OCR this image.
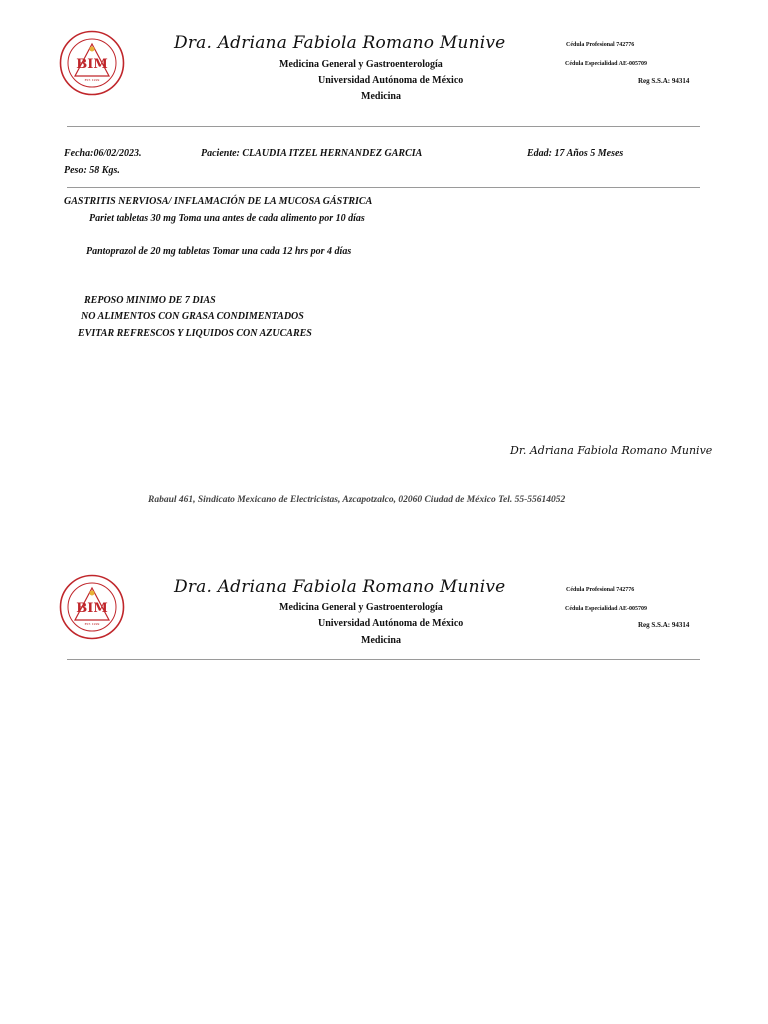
BIM
EST. 1999
Dra. Adriana Fabiola Romano Munive
Medicina General y Gastroenterología
Universidad Autónoma de México
Medicina
Cédula Profesional 742776
Cédula Especialidad AE-005709
Reg S.S.A: 94314
Fecha:06/02/2023.	Paciente: CLAUDIA ITZEL HERNANDEZ GARCIA	Edad: 17 Años 5 Meses
Peso: 58 Kgs.
GASTRITIS NERVIOSA/ INFLAMACIÓN DE LA MUCOSA GÁSTRICA
Pariet tabletas 30 mg Toma una antes de cada alimento por 10 días
Pantoprazol de 20 mg tabletas Tomar una cada 12 hrs por 4 días
REPOSO MINIMO DE 7 DIAS
NO ALIMENTOS CON GRASA CONDIMENTADOS
EVITAR REFRESCOS Y LIQUIDOS CON AZUCARES
Dr. Adriana Fabiola Romano Munive
Rabaul 461, Sindicato Mexicano de Electricistas, Azcapotzalco, 02060 Ciudad de México Tel. 55-55614052
BIM
EST. 1999
Dra. Adriana Fabiola Romano Munive
Medicina General y Gastroenterología
Universidad Autónoma de México
Medicina
Cédula Profesional 742776
Cédula Especialidad AE-005709
Reg S.S.A: 94314
